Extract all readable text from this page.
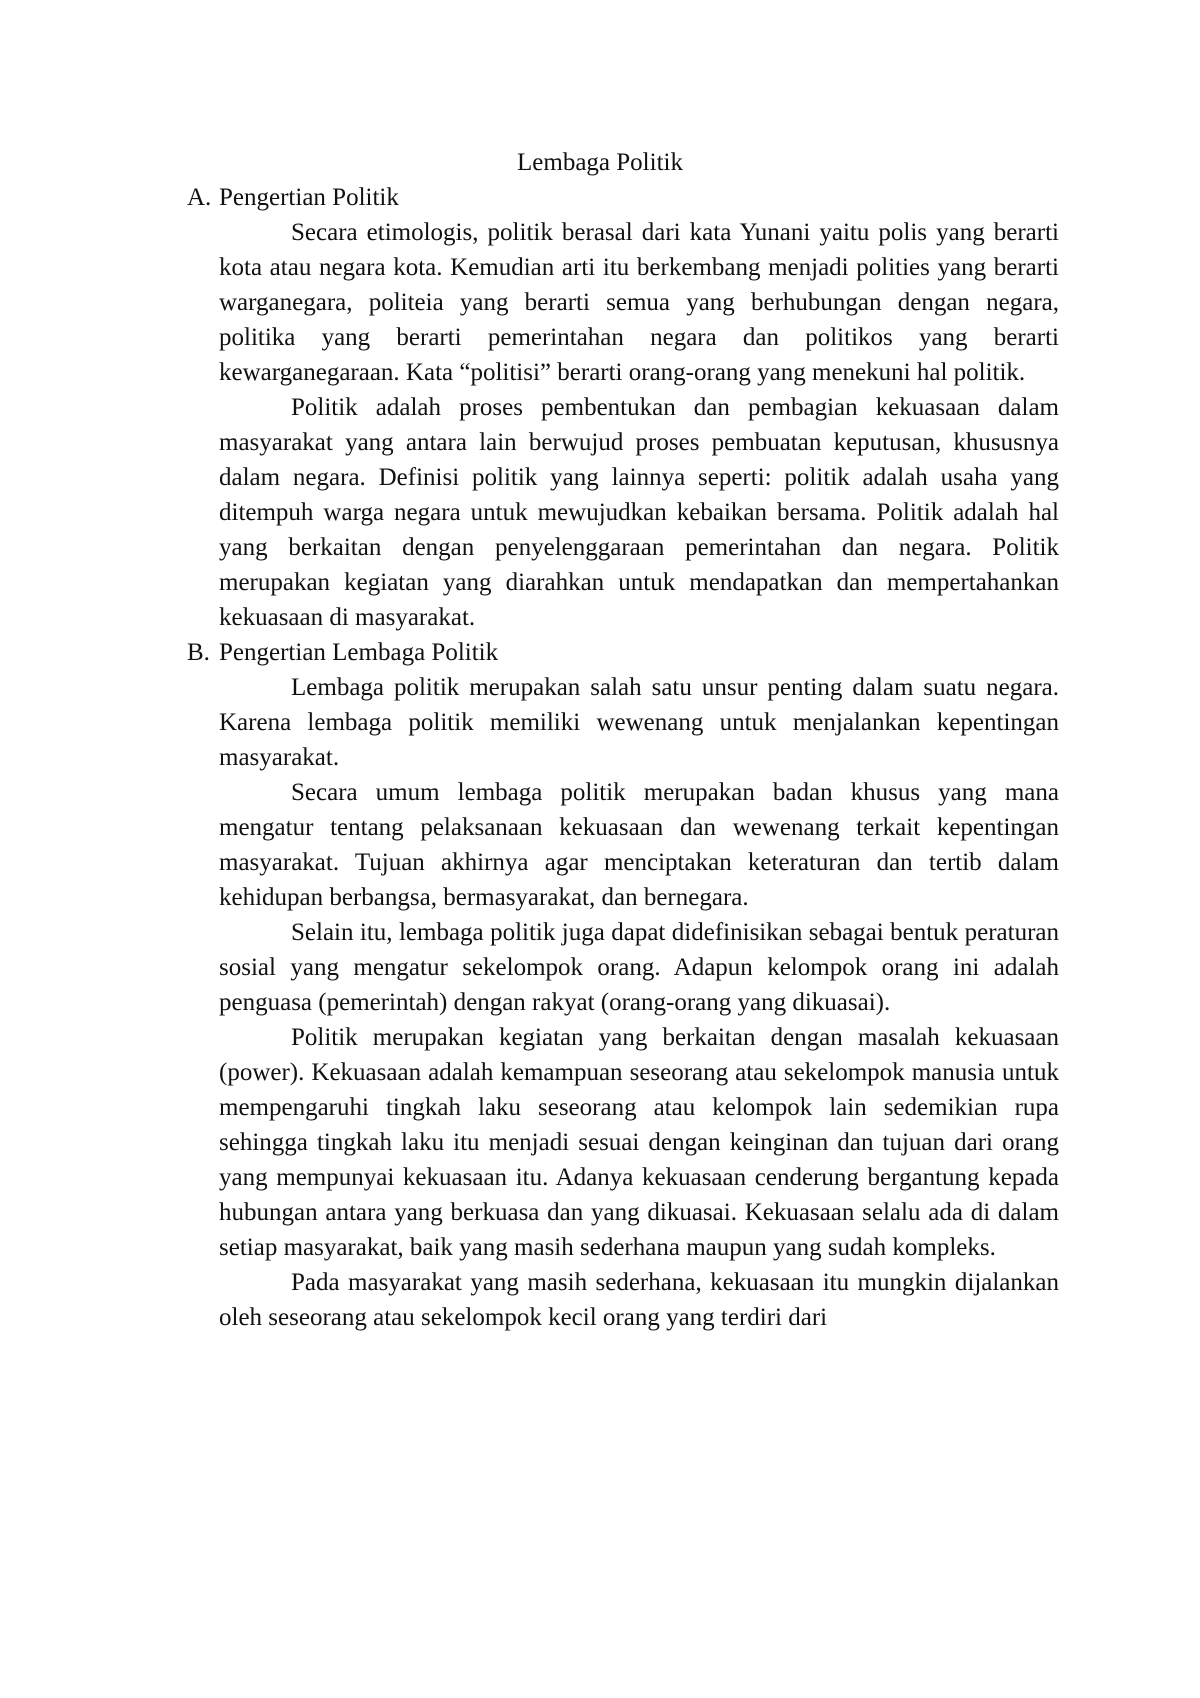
Lembaga Politik
A. Pengertian Politik

Secara etimologis, politik berasal dari kata Yunani yaitu polis yang berarti kota atau negara kota. Kemudian arti itu berkembang menjadi polities yang berarti warganegara, politeia yang berarti semua yang berhubungan dengan negara, politika yang berarti pemerintahan negara dan politikos yang berarti kewarganegaraan. Kata “politisi” berarti orang-orang yang menekuni hal politik.

Politik adalah proses pembentukan dan pembagian kekuasaan dalam masyarakat yang antara lain berwujud proses pembuatan keputusan, khususnya dalam negara. Definisi politik yang lainnya seperti: politik adalah usaha yang ditempuh warga negara untuk mewujudkan kebaikan bersama. Politik adalah hal yang berkaitan dengan penyelenggaraan pemerintahan dan negara. Politik merupakan kegiatan yang diarahkan untuk mendapatkan dan mempertahankan kekuasaan di masyarakat.

B. Pengertian Lembaga Politik

Lembaga politik merupakan salah satu unsur penting dalam suatu negara. Karena lembaga politik memiliki wewenang untuk menjalankan kepentingan masyarakat.

Secara umum lembaga politik merupakan badan khusus yang mana mengatur tentang pelaksanaan kekuasaan dan wewenang terkait kepentingan masyarakat. Tujuan akhirnya agar menciptakan keteraturan dan tertib dalam kehidupan berbangsa, bermasyarakat, dan bernegara.

Selain itu, lembaga politik juga dapat didefinisikan sebagai bentuk peraturan sosial yang mengatur sekelompok orang. Adapun kelompok orang ini adalah penguasa (pemerintah) dengan rakyat (orang-orang yang dikuasai).

Politik merupakan kegiatan yang berkaitan dengan masalah kekuasaan (power). Kekuasaan adalah kemampuan seseorang atau sekelompok manusia untuk mempengaruhi tingkah laku seseorang atau kelompok lain sedemikian rupa sehingga tingkah laku itu menjadi sesuai dengan keinginan dan tujuan dari orang yang mempunyai kekuasaan itu. Adanya kekuasaan cenderung bergantung kepada hubungan antara yang berkuasa dan yang dikuasai. Kekuasaan selalu ada di dalam setiap masyarakat, baik yang masih sederhana maupun yang sudah kompleks.

Pada masyarakat yang masih sederhana, kekuasaan itu mungkin dijalankan oleh seseorang atau sekelompok kecil orang yang terdiri dari
